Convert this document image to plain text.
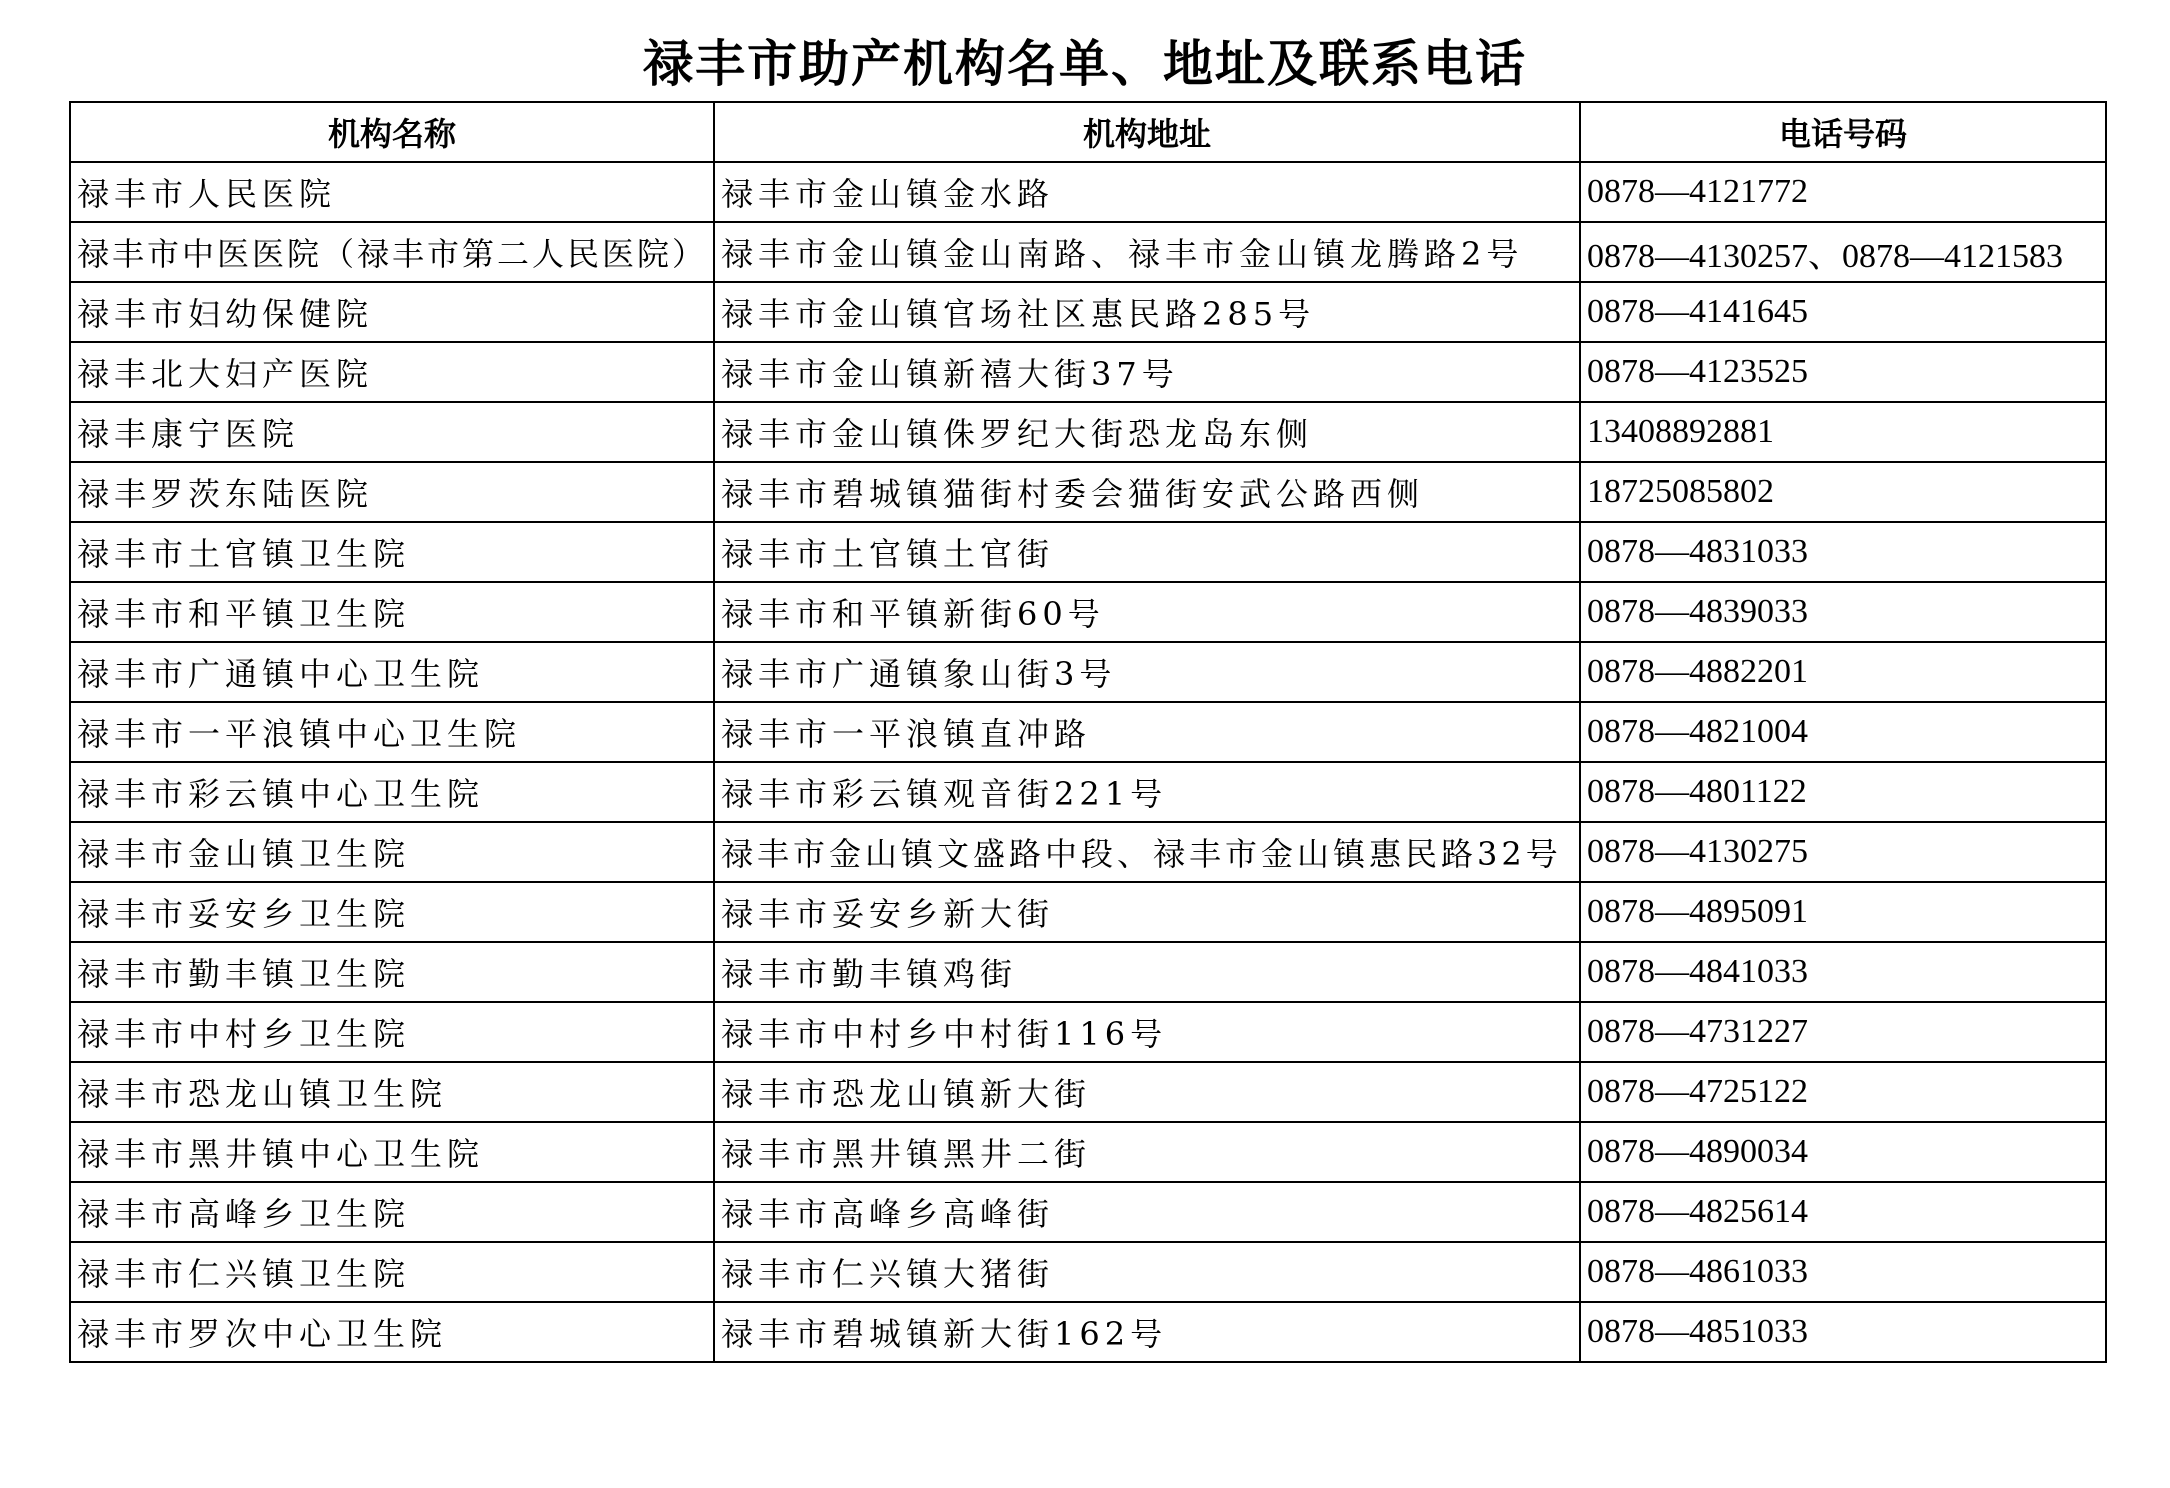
禄丰市助产机构名单、地址及联系电话
机构名称	机构地址	电话号码
禄丰市人民医院	禄丰市金山镇金水路	0878—4121772
禄丰市中医医院（禄丰市第二人民医院）	禄丰市金山镇金山南路、禄丰市金山镇龙腾路2号	0878—4130257、0878—4121583
禄丰市妇幼保健院	禄丰市金山镇官场社区惠民路285号	0878—4141645
禄丰北大妇产医院	禄丰市金山镇新禧大街37号	0878—4123525
禄丰康宁医院	禄丰市金山镇侏罗纪大街恐龙岛东侧	13408892881
禄丰罗茨东陆医院	禄丰市碧城镇猫街村委会猫街安武公路西侧	18725085802
禄丰市土官镇卫生院	禄丰市土官镇土官街	0878—4831033
禄丰市和平镇卫生院	禄丰市和平镇新街60号	0878—4839033
禄丰市广通镇中心卫生院	禄丰市广通镇象山街3号	0878—4882201
禄丰市一平浪镇中心卫生院	禄丰市一平浪镇直冲路	0878—4821004
禄丰市彩云镇中心卫生院	禄丰市彩云镇观音街221号	0878—4801122
禄丰市金山镇卫生院	禄丰市金山镇文盛路中段、禄丰市金山镇惠民路32号	0878—4130275
禄丰市妥安乡卫生院	禄丰市妥安乡新大街	0878—4895091
禄丰市勤丰镇卫生院	禄丰市勤丰镇鸡街	0878—4841033
禄丰市中村乡卫生院	禄丰市中村乡中村街116号	0878—4731227
禄丰市恐龙山镇卫生院	禄丰市恐龙山镇新大街	0878—4725122
禄丰市黑井镇中心卫生院	禄丰市黑井镇黑井二街	0878—4890034
禄丰市高峰乡卫生院	禄丰市高峰乡高峰街	0878—4825614
禄丰市仁兴镇卫生院	禄丰市仁兴镇大猪街	0878—4861033
禄丰市罗次中心卫生院	禄丰市碧城镇新大街162号	0878—4851033
